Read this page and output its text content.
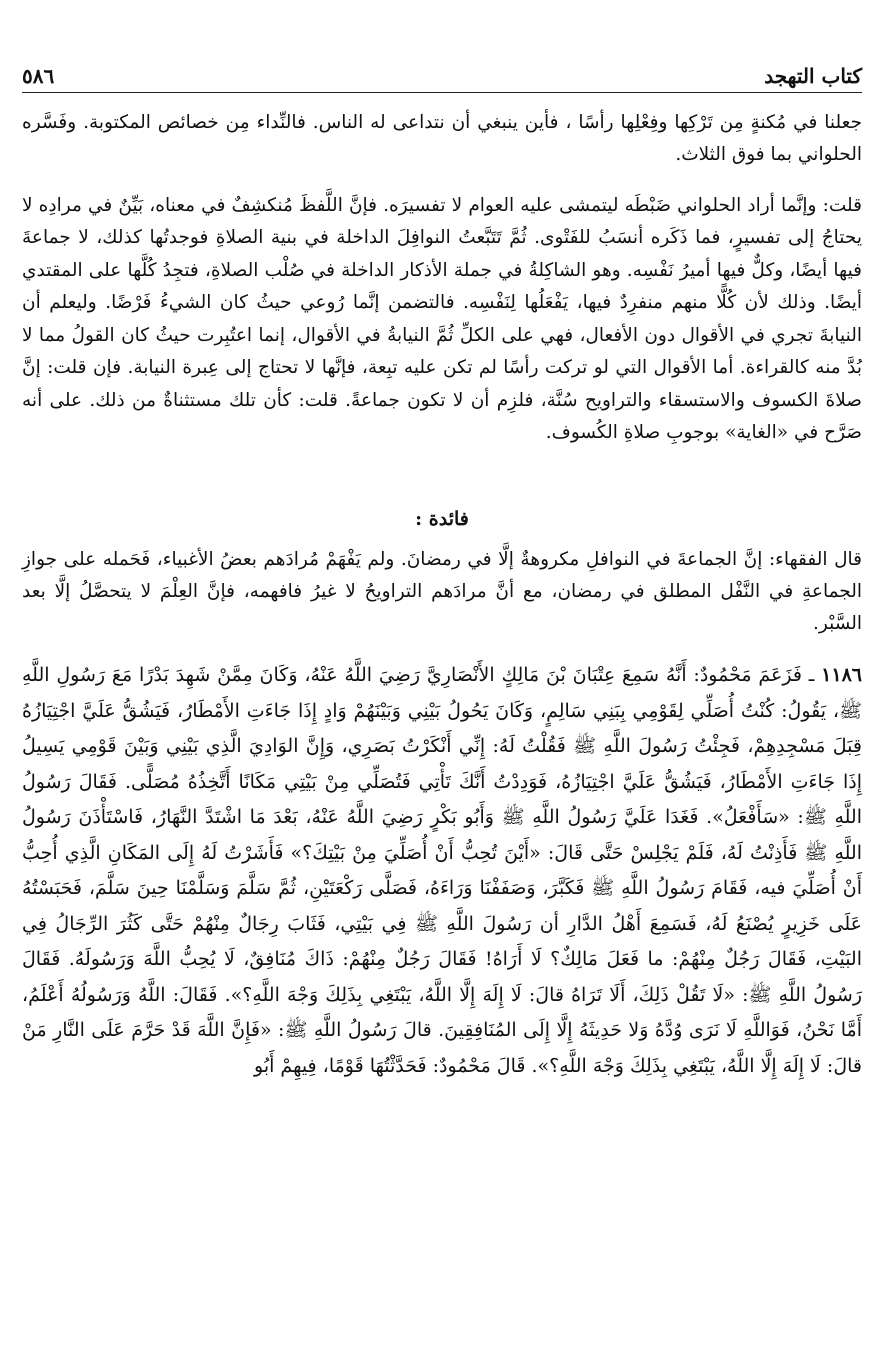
كتاب التهجد
٥٨٦

جعلنا في مُكنةٍ مِن تَرْكِها وفِعْلِها رأسًا ، فأين ينبغي أن نتداعى له الناس. فالنِّداء مِن خصائص المكتوبة. وفَسَّره الحلواني بما فوق الثلاث.

قلت: وإنَّما أراد الحلواني ضَبْطَه ليتمشى عليه العوام لا تفسيرَه. فإنَّ اللَّفظَ مُنكشِفٌ في معناه، بَيِّنٌ في مرادِه لا يحتاجُ إلى تفسيرٍ، فما ذَكَره أنسَبُ للفَتْوى. ثُمَّ تَتَبَّعتُ النوافِلَ الداخلة في بنية الصلاةِ فوجدتُها كذلك، لا جماعةَ فيها أيضًا، وكلٌّ فيها أميرُ نَفْسِه. وهو الشاكِلةُ في جملة الأذكار الداخلة في صُلْب الصلاةِ، فتجِدُ كُلَّها على المقتدي أيضًا. وذلك لأن كُلًّا منهم منفرِدٌ فيها، يَفْعَلُها لِنَفْسِه. فالتضمن إنَّما رُوعي حيثُ كان الشيءُ فَرْضًا. وليعلم أن النيابةَ تجري في الأقوال دون الأفعال، فهي على الكلِّ ثُمَّ النيابةُ في الأقوال، إنما اعتُبِرت حيثُ كان القولُ مما لا بُدَّ منه كالقراءة. أما الأقوال التي لو تركت رأسًا لم تكن عليه تبِعة، فإنَّها لا تحتاج إلى عِبرة النيابة. فإن قلت: إنَّ صلاةَ الكسوف والاستسقاء والتراويح سُنَّة، فلزِم أن لا تكون جماعةً. قلت: كأن تلك مستثناةٌ من ذلك. على أنه صَرَّح في «الغاية» بوجوبِ صلاةِ الكُسوف.

فائدة :

قال الفقهاء: إنَّ الجماعةَ في النوافلِ مكروهةٌ إلَّا في رمضانَ. ولم يَفْهَمْ مُرادَهم بعضُ الأغبياء، فَحَمله على جوازِ الجماعةِ في النَّفْل المطلق في رمضان، مع أنَّ مرادَهم التراويحُ لا غيرُ فافهمه، فإنَّ العِلْمَ لا يتحصَّلُ إلَّا بعد السَّبْر.

١١٨٦ ـ فَزَعَمَ مَحْمُودٌ: أَنَّهُ سَمِعَ عِتْبَانَ بْنَ مَالِكٍ الأَنْصَارِيَّ رَضِيَ اللَّهُ عَنْهُ، وَكَانَ مِمَّنْ شَهِدَ بَدْرًا مَعَ رَسُولِ اللَّهِ ﷺ، يَقُولُ: كُنْتُ أُصَلِّي لِقَوْمِي بِبَنِي سَالِمٍ، وَكَانَ يَحُولُ بَيْنِي وَبَيْنَهُمْ وَادٍ إِذَا جَاءَتِ الأَمْطَارُ، فَيَشُقُّ عَلَيَّ اجْتِيَازُهُ قِبَلَ مَسْجِدِهِمْ، فَجِئْتُ رَسُولَ اللَّهِ ﷺ فَقُلْتُ لَهُ: إِنِّي أَنْكَرْتُ بَصَرِي، وَإِنَّ الوَادِيَ الَّذِي بَيْنِي وَبَيْنَ قَوْمِي يَسِيلُ إِذَا جَاءَتِ الأَمْطَارُ، فَيَشُقُّ عَلَيَّ اجْتِيَازُهُ، فَوَدِدْتُ أَنَّكَ تَأْتِي فَتُصَلِّي مِنْ بَيْتِي مَكَانًا أَتَّخِذُهُ مُصَلًّى. فَقَالَ رَسُولُ اللَّهِ ﷺ: «سَأَفْعَلُ». فَغَدَا عَلَيَّ رَسُولُ اللَّهِ ﷺ وَأَبُو بَكْرٍ رَضِيَ اللَّهُ عَنْهُ، بَعْدَ مَا اشْتَدَّ النَّهَارُ، فَاسْتَأْذَنَ رَسُولُ اللَّهِ ﷺ فَأَذِنْتُ لَهُ، فَلَمْ يَجْلِسْ حَتَّى قَالَ: «أَيْنَ تُحِبُّ أَنْ أُصَلِّيَ مِنْ بَيْتِكَ؟» فَأَشَرْتُ لَهُ إِلَى المَكَانِ الَّذِي أُحِبُّ أَنْ أُصَلِّيَ فيه، فَقَامَ رَسُولُ اللَّهِ ﷺ فَكَبَّرَ، وَصَفَفْنَا وَرَاءَهُ، فَصَلَّى رَكْعَتَيْنِ، ثُمَّ سَلَّمَ وَسَلَّمْنَا حِينَ سَلَّمَ، فَحَبَسْتُهُ عَلَى خَزِيرٍ يُصْنَعُ لَهُ، فَسَمِعَ أَهْلُ الدَّارِ أن رَسُولَ اللَّهِ ﷺ فِي بَيْتِي، فَثَابَ رِجَالٌ مِنْهُمْ حَتَّى كَثُرَ الرِّجَالُ فِي البَيْتِ، فَقَالَ رَجُلٌ مِنْهُمْ: ما فَعَلَ مَالِكٌ؟ لَا أَرَاهُ! فَقَالَ رَجُلٌ مِنْهُمْ: ذَاكَ مُنَافِقٌ، لَا يُحِبُّ اللَّهَ وَرَسُولَهُ. فَقَالَ رَسُولُ اللَّهِ ﷺ: «لَا تَقُلْ ذَلِكَ، أَلَا تَرَاهُ قالَ: لَا إِلَهَ إِلَّا اللَّهُ، يَبْتَغِي بِذَلِكَ وَجْهَ اللَّهِ؟». فَقَالَ: اللَّهُ وَرَسُولُهُ أَعْلَمُ، أَمَّا نَحْنُ، فَوَاللَّهِ لَا نَرَى وُدَّهُ وَلا حَدِيثَهُ إِلَّا إِلَى المُنَافِقِينَ. قالَ رَسُولُ اللَّهِ ﷺ: «فَإِنَّ اللَّهَ قَدْ حَرَّمَ عَلَى النَّارِ مَنْ قالَ: لَا إِلَهَ إِلَّا اللَّهُ، يَبْتَغِي بِذَلِكَ وَجْهَ اللَّهِ؟». قَالَ مَحْمُودٌ: فَحَدَّثْتُهَا قَوْمًا، فِيهِمْ أَبُو
